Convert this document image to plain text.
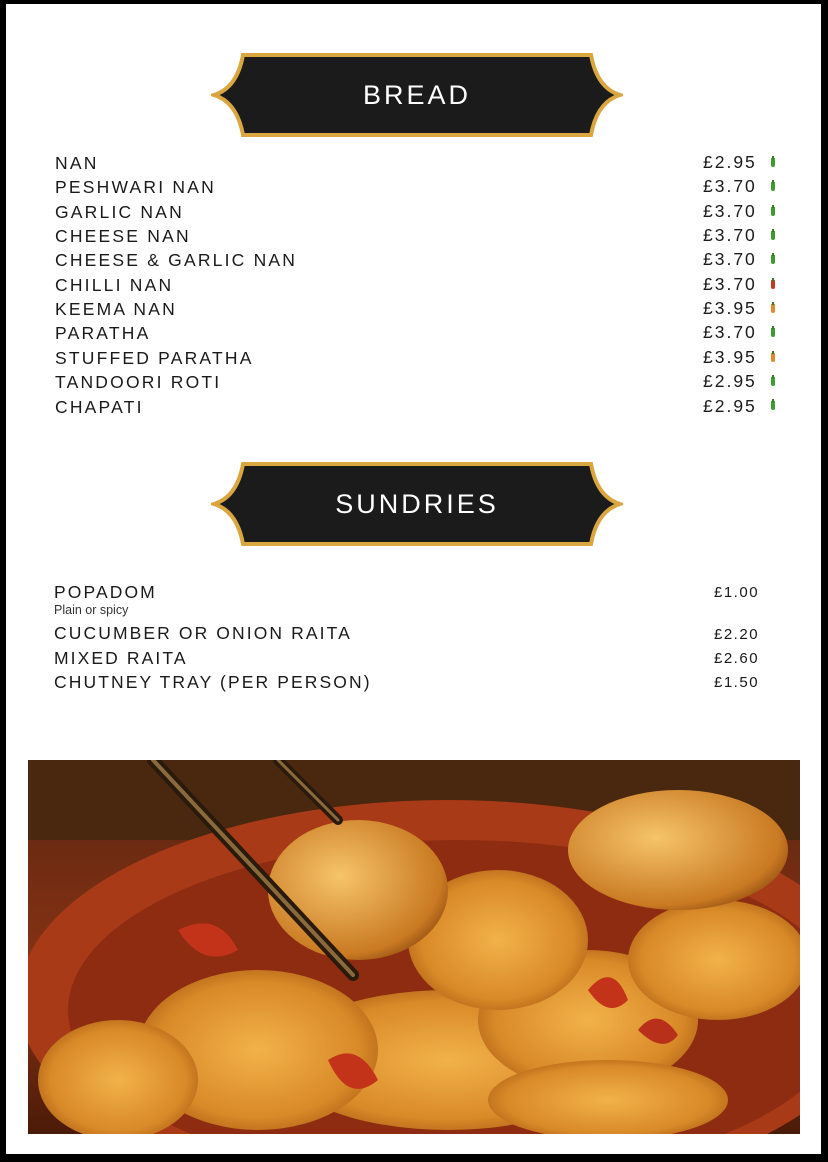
BREAD
NAN	£2.95
PESHWARI NAN	£3.70
GARLIC NAN	£3.70
CHEESE NAN	£3.70
CHEESE & GARLIC NAN	£3.70
CHILLI NAN	£3.70
KEEMA NAN	£3.95
PARATHA	£3.70
STUFFED PARATHA	£3.95
TANDOORI ROTI	£2.95
CHAPATI	£2.95
SUNDRIES
POPADOM	£1.00
Plain or spicy
CUCUMBER OR ONION RAITA	£2.20
MIXED RAITA	£2.60
CHUTNEY TRAY (PER PERSON)	£1.50
